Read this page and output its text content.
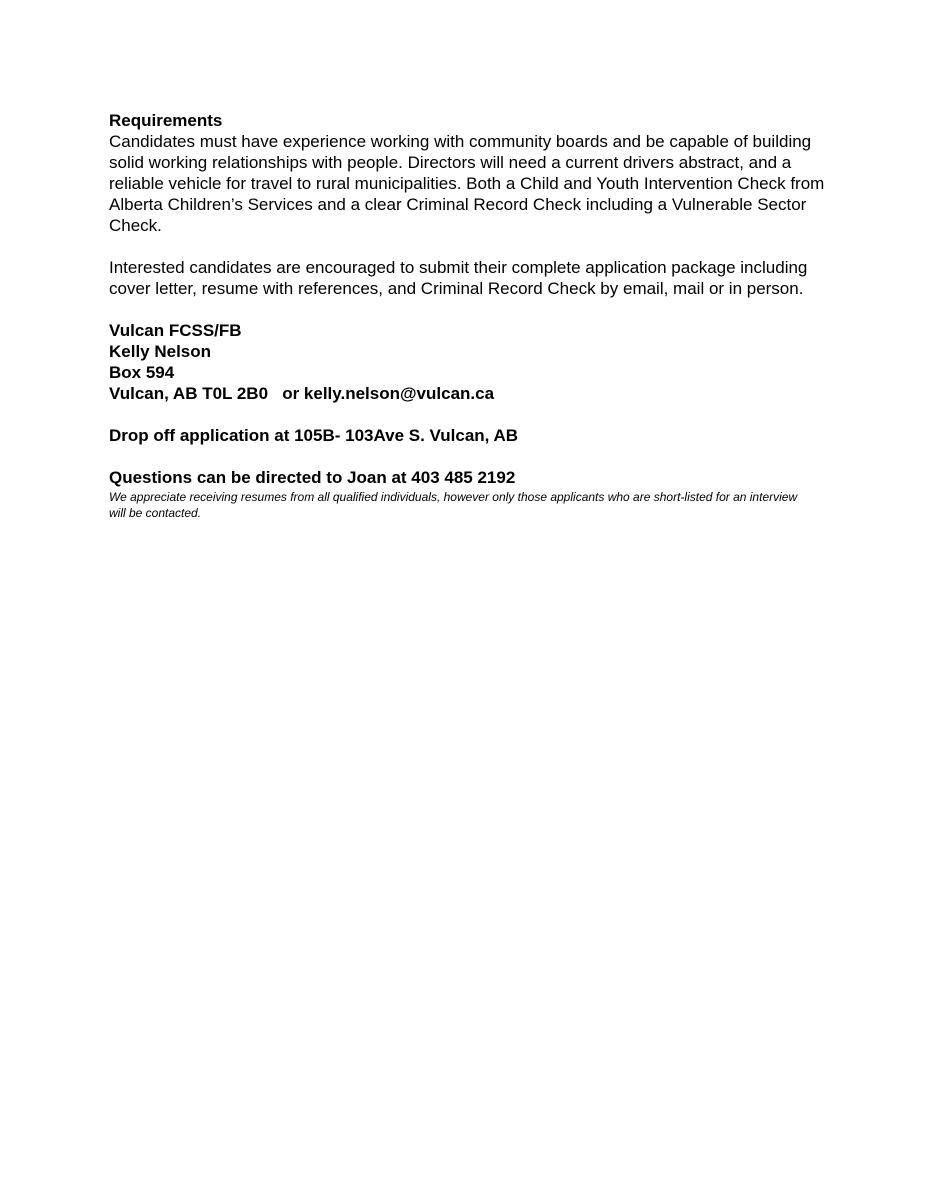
Requirements

Candidates must have experience working with community boards and be capable of building solid working relationships with people. Directors will need a current drivers abstract, and a reliable vehicle for travel to rural municipalities. Both a Child and Youth Intervention Check from Alberta Children’s Services and a clear Criminal Record Check including a Vulnerable Sector Check.

Interested candidates are encouraged to submit their complete application package including cover letter, resume with references, and Criminal Record Check by email, mail or in person.

Vulcan FCSS/FB
Kelly Nelson
Box 594
Vulcan, AB T0L 2B0   or kelly.nelson@vulcan.ca
Drop off application at 105B- 103Ave S. Vulcan, AB
Questions can be directed to Joan at 403 485 2192

We appreciate receiving resumes from all qualified individuals, however only those applicants who are short-listed for an interview will be contacted.
